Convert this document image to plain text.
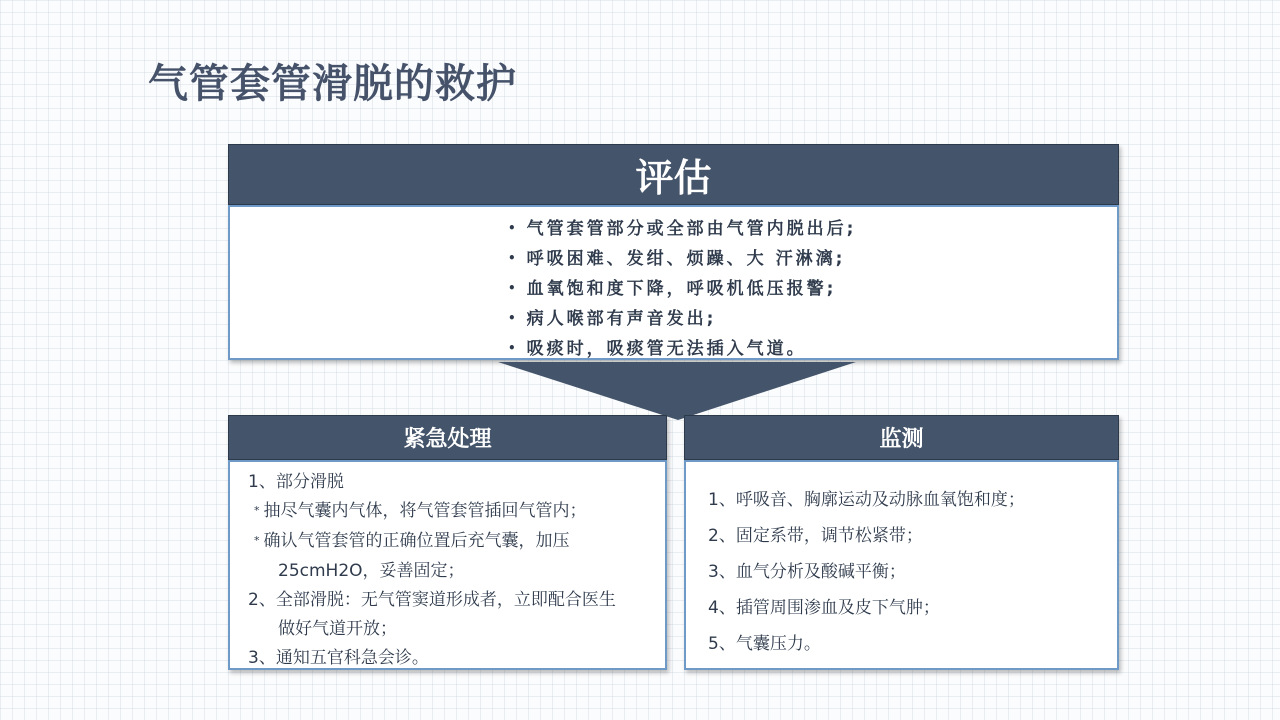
气管套管滑脱的救护
评估
• 气管套管部分或全部由气管内脱出后;
• 呼吸困难、发绀、烦躁、大 汗淋漓;
• 血氧饱和度下降，呼吸机低压报警;
• 病人喉部有声音发出;
• 吸痰时，吸痰管无法插入气道。
紧急处理
1、部分滑脱
* 抽尽气囊内气体，将气管套管插回气管内；
* 确认气管套管的正确位置后充气囊，加压
25cmH2O，妥善固定；
2、全部滑脱：无气管窦道形成者，立即配合医生
做好气道开放；
3、通知五官科急会诊。
监测
1、呼吸音、胸廓运动及动脉血氧饱和度；
2、固定系带，调节松紧带；
3、血气分析及酸碱平衡；
4、插管周围渗血及皮下气肿；
5、气囊压力。
